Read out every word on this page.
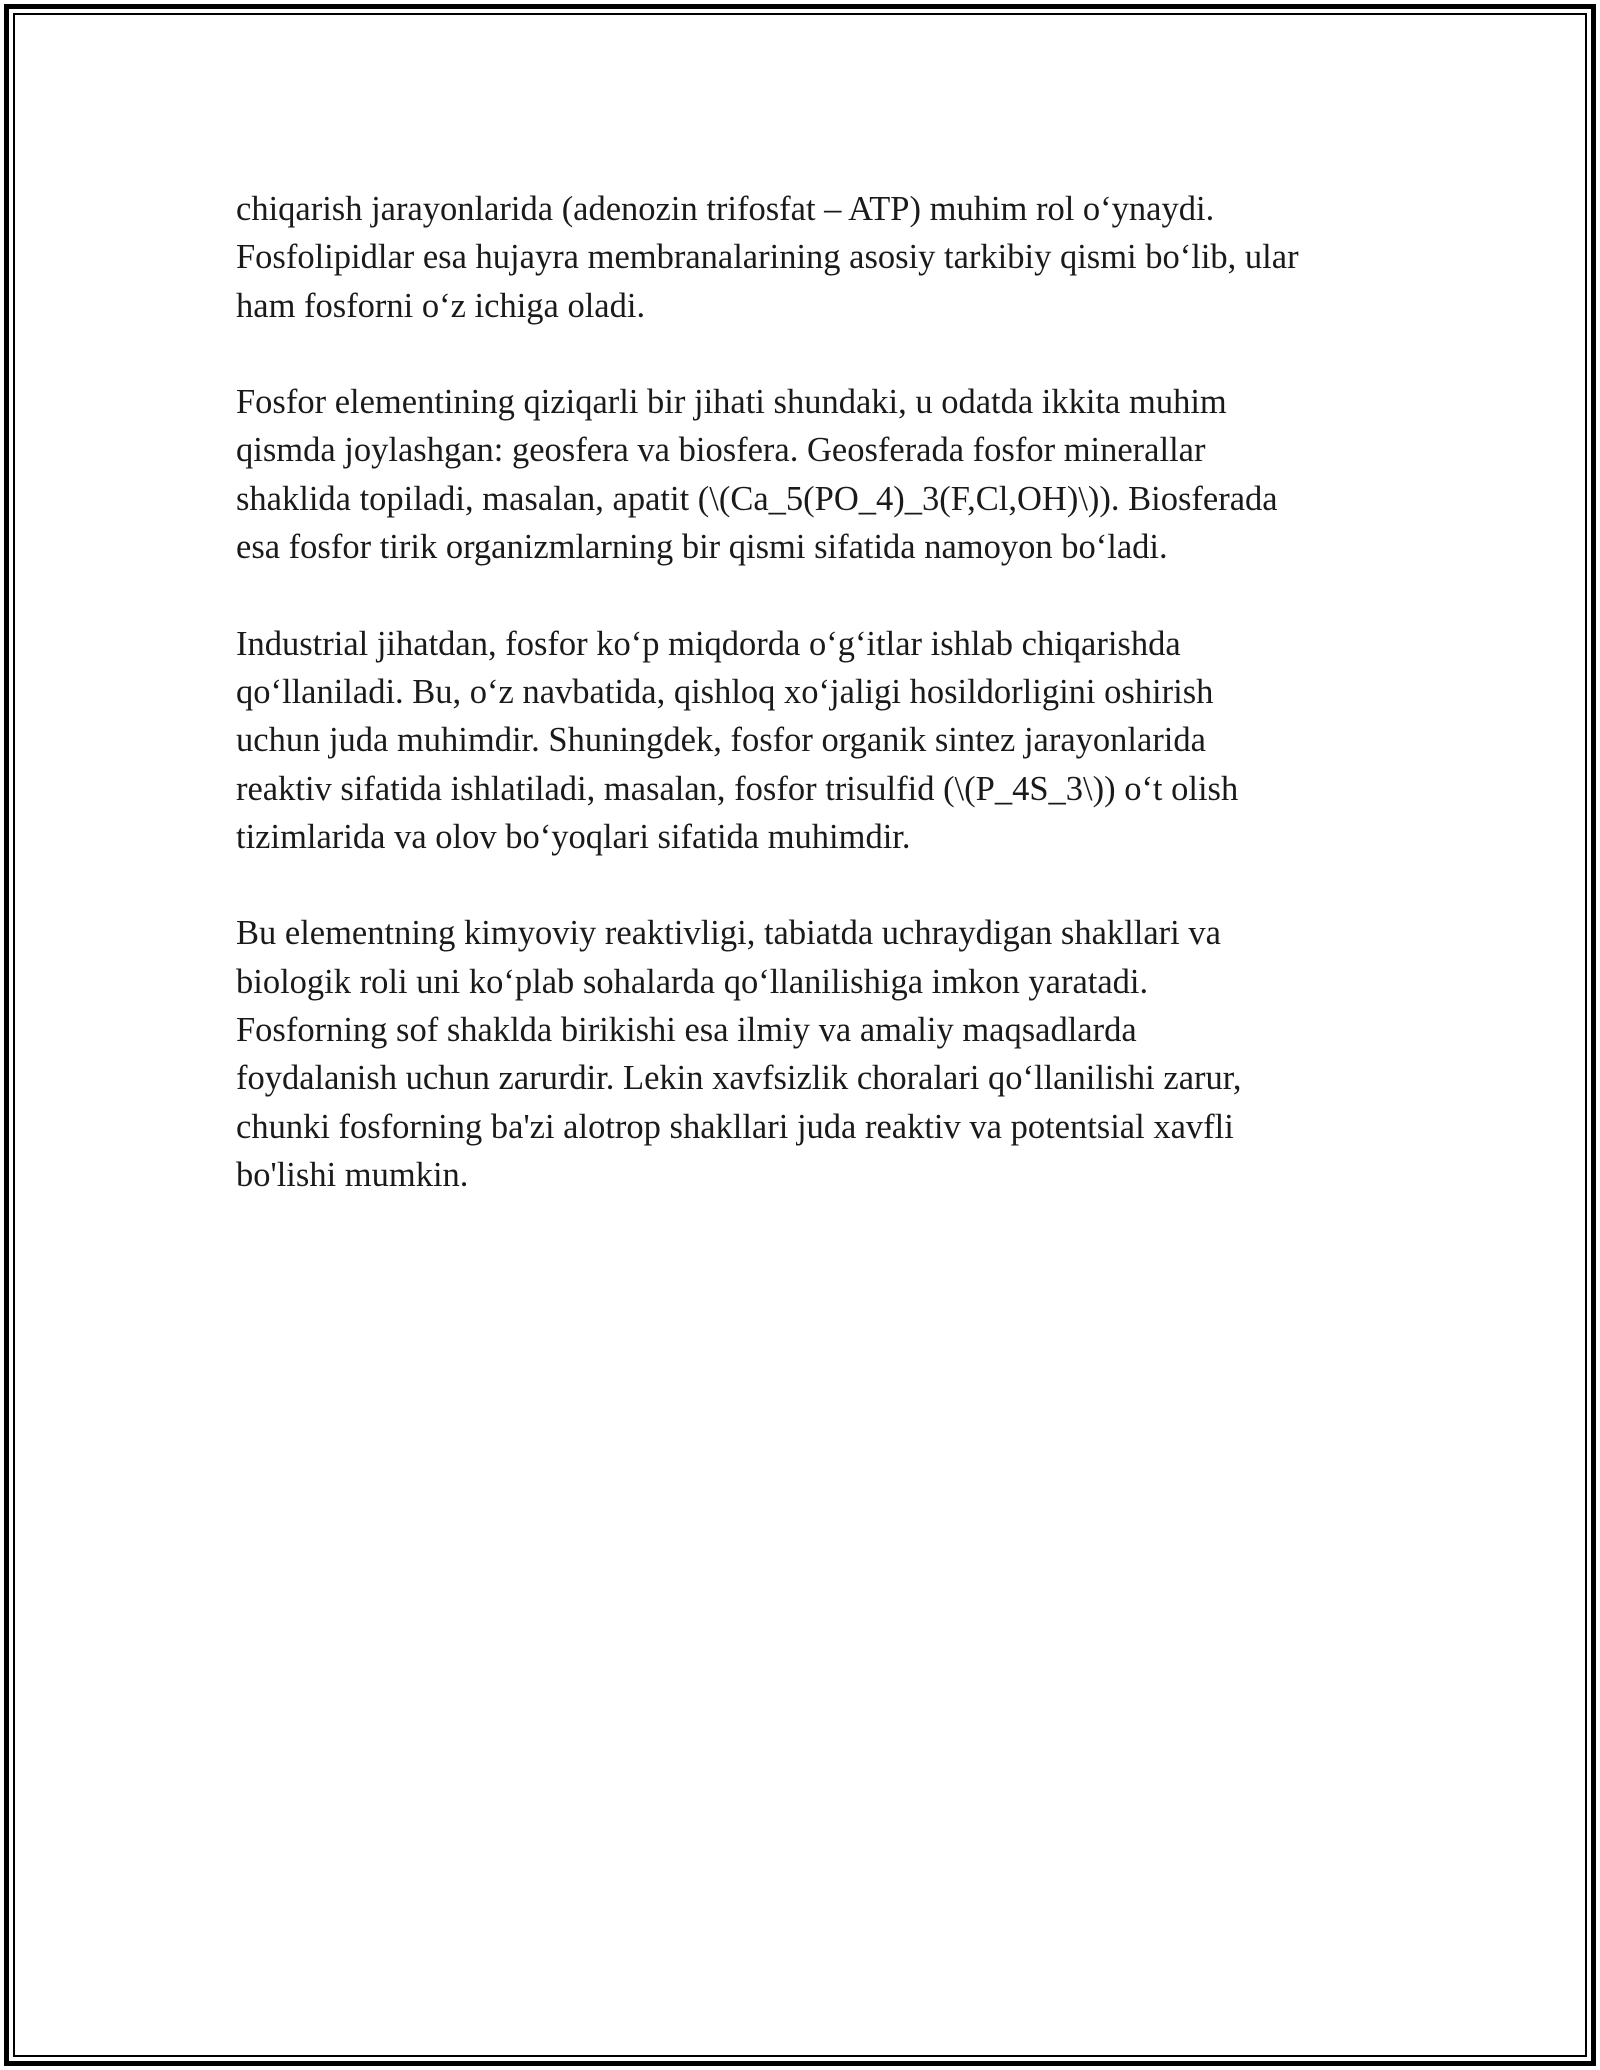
chiqarish jarayonlarida (adenozin trifosfat – ATP) muhim rol o‘ynaydi.
Fosfolipidlar esa hujayra membranalarining asosiy tarkibiy qismi bo‘lib, ular
ham fosforni o‘z ichiga oladi.

Fosfor elementining qiziqarli bir jihati shundaki, u odatda ikkita muhim
qismda joylashgan: geosfera va biosfera. Geosferada fosfor minerallar
shaklida topiladi, masalan, apatit (\(Ca_5(PO_4)_3(F,Cl,OH)\)). Biosferada
esa fosfor tirik organizmlarning bir qismi sifatida namoyon bo‘ladi.

Industrial jihatdan, fosfor ko‘p miqdorda o‘g‘itlar ishlab chiqarishda
qo‘llaniladi. Bu, o‘z navbatida, qishloq xo‘jaligi hosildorligini oshirish
uchun juda muhimdir. Shuningdek, fosfor organik sintez jarayonlarida
reaktiv sifatida ishlatiladi, masalan, fosfor trisulfid (\(P_4S_3\)) o‘t olish
tizimlarida va olov bo‘yoqlari sifatida muhimdir.

Bu elementning kimyoviy reaktivligi, tabiatda uchraydigan shakllari va
biologik roli uni ko‘plab sohalarda qo‘llanilishiga imkon yaratadi.
Fosforning sof shaklda birikishi esa ilmiy va amaliy maqsadlarda
foydalanish uchun zarurdir. Lekin xavfsizlik choralari qo‘llanilishi zarur,
chunki fosforning ba'zi alotrop shakllari juda reaktiv va potentsial xavfli
bo'lishi mumkin.
